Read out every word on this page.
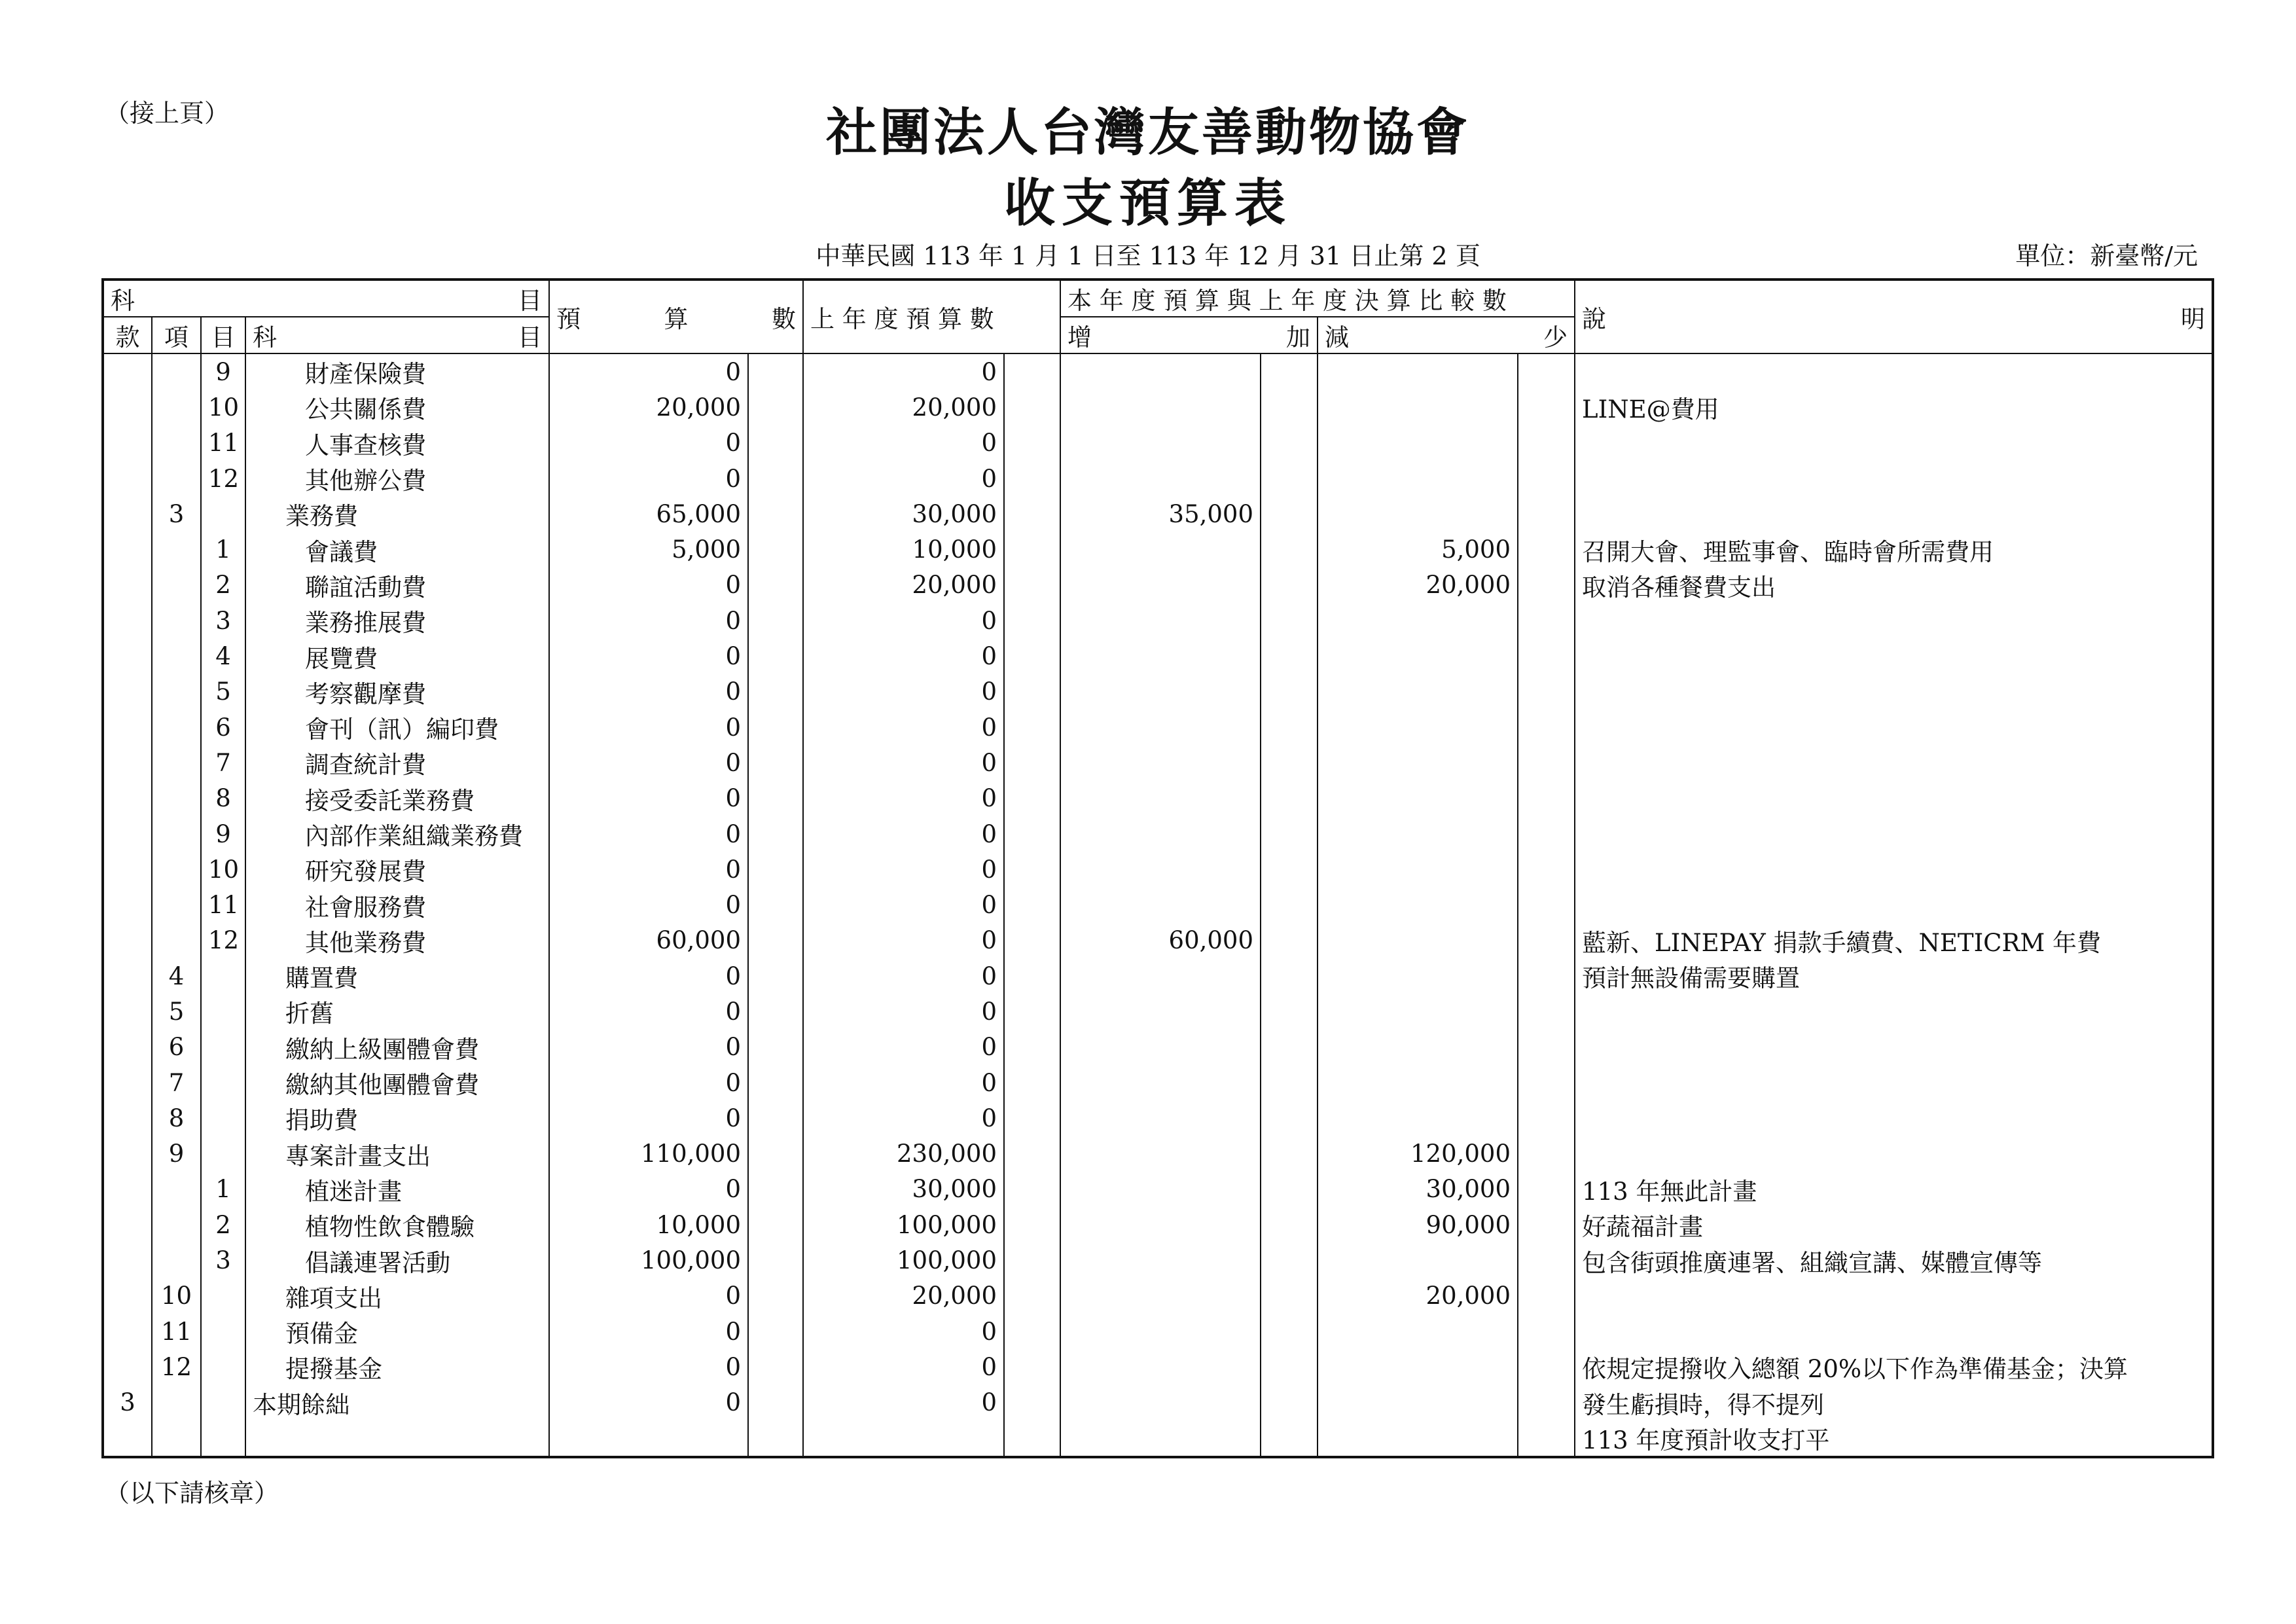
（接上頁）	社團法人台灣友善動物協會
收支預算表
中華民國 113 年 1 月 1 日至 113 年 12 月 31 日止第 2 頁	單位：新臺幣/元
科 目				預 算 數		上 年 度 預 算 數		本 年 度 預 算 與 上 年 度 決 算 比 較 數				說 明

款	項	目	科 目					增 加		減 少		

		9	財產保險費	0		0						
		10	公共關係費	20,000		20,000						LINE@費用
		11	人事查核費	0		0						
		12	其他辦公費	0		0						
	3		業務費	65,000		30,000		35,000				
		1	會議費	5,000		10,000				5,000		召開大會、理監事會、臨時會所需費用
		2	聯誼活動費	0		20,000				20,000		取消各種餐費支出
		3	業務推展費	0		0						
		4	展覽費	0		0						
		5	考察觀摩費	0		0						
		6	會刊（訊）編印費	0		0						
		7	調查統計費	0		0						
		8	接受委託業務費	0		0						
		9	內部作業組織業務費	0		0						
		10	研究發展費	0		0						
		11	社會服務費	0		0						
		12	其他業務費	60,000		0		60,000				藍新、LINEPAY 捐款手續費、NETICRM 年費
	4		購置費	0		0						預計無設備需要購置
	5		折舊	0		0						
	6		繳納上級團體會費	0		0						
	7		繳納其他團體會費	0		0						
	8		捐助費	0		0						
	9		專案計畫支出	110,000		230,000				120,000		
		1	植迷計畫	0		30,000				30,000		113 年無此計畫
		2	植物性飲食體驗	10,000		100,000				90,000		好蔬福計畫
		3	倡議連署活動	100,000		100,000						包含街頭推廣連署、組織宣講、媒體宣傳等
	10		雜項支出	0		20,000				20,000		
	11		預備金	0		0						
	12		提撥基金	0		0						依規定提撥收入總額 20%以下作為準備基金；決算
3			本期餘絀	0		0						發生虧損時，得不提列
												113 年度預計收支打平
（以下請核章）
